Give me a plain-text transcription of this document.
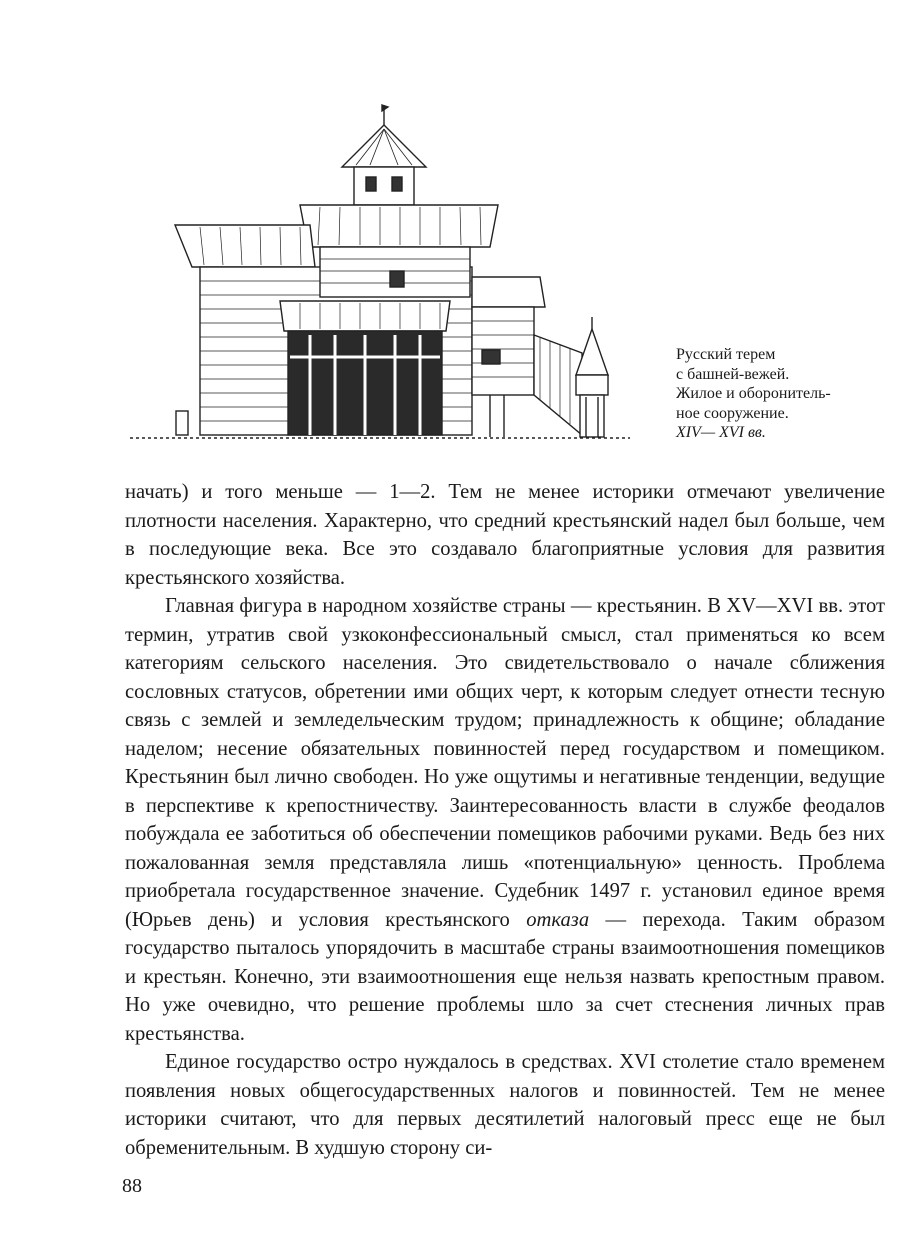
Русский терем
с башней-вежей.
Жилое и оборонитель-
ное сооружение.
XIV— XVI вв.

начать) и того меньше — 1—2. Тем не менее историки отмечают увеличение плотности населения. Характерно, что средний крестьянский надел был больше, чем в последующие века. Все это создавало благоприятные условия для развития крестьянского хозяйства.

Главная фигура в народном хозяйстве страны — крестьянин. В XV—XVI вв. этот термин, утратив свой узкоконфессиональный смысл, стал применяться ко всем категориям сельского населения. Это свидетельствовало о начале сближения сословных статусов, обретении ими общих черт, к которым следует отнести тесную связь с землей и земледельческим трудом; принадлежность к общине; обладание наделом; несение обязательных повинностей перед государством и помещиком. Крестьянин был лично свободен. Но уже ощутимы и негативные тенденции, ведущие в перспективе к крепостничеству. Заинтересованность власти в службе феодалов побуждала ее заботиться об обеспечении помещиков рабочими руками. Ведь без них пожалованная земля представляла лишь «потенциальную» ценность. Проблема приобретала государственное значение. Судебник 1497 г. установил единое время (Юрьев день) и условия крестьянского отказа — перехода. Таким образом государство пыталось упорядочить в масштабе страны взаимоотношения помещиков и крестьян. Конечно, эти взаимоотношения еще нельзя назвать крепостным правом. Но уже очевидно, что решение проблемы шло за счет стеснения личных прав крестьянства.

Единое государство остро нуждалось в средствах. XVI столетие стало временем появления новых общегосударственных налогов и повинностей. Тем не менее историки считают, что для первых десятилетий налоговый пресс еще не был обременительным. В худшую сторону си-

88
